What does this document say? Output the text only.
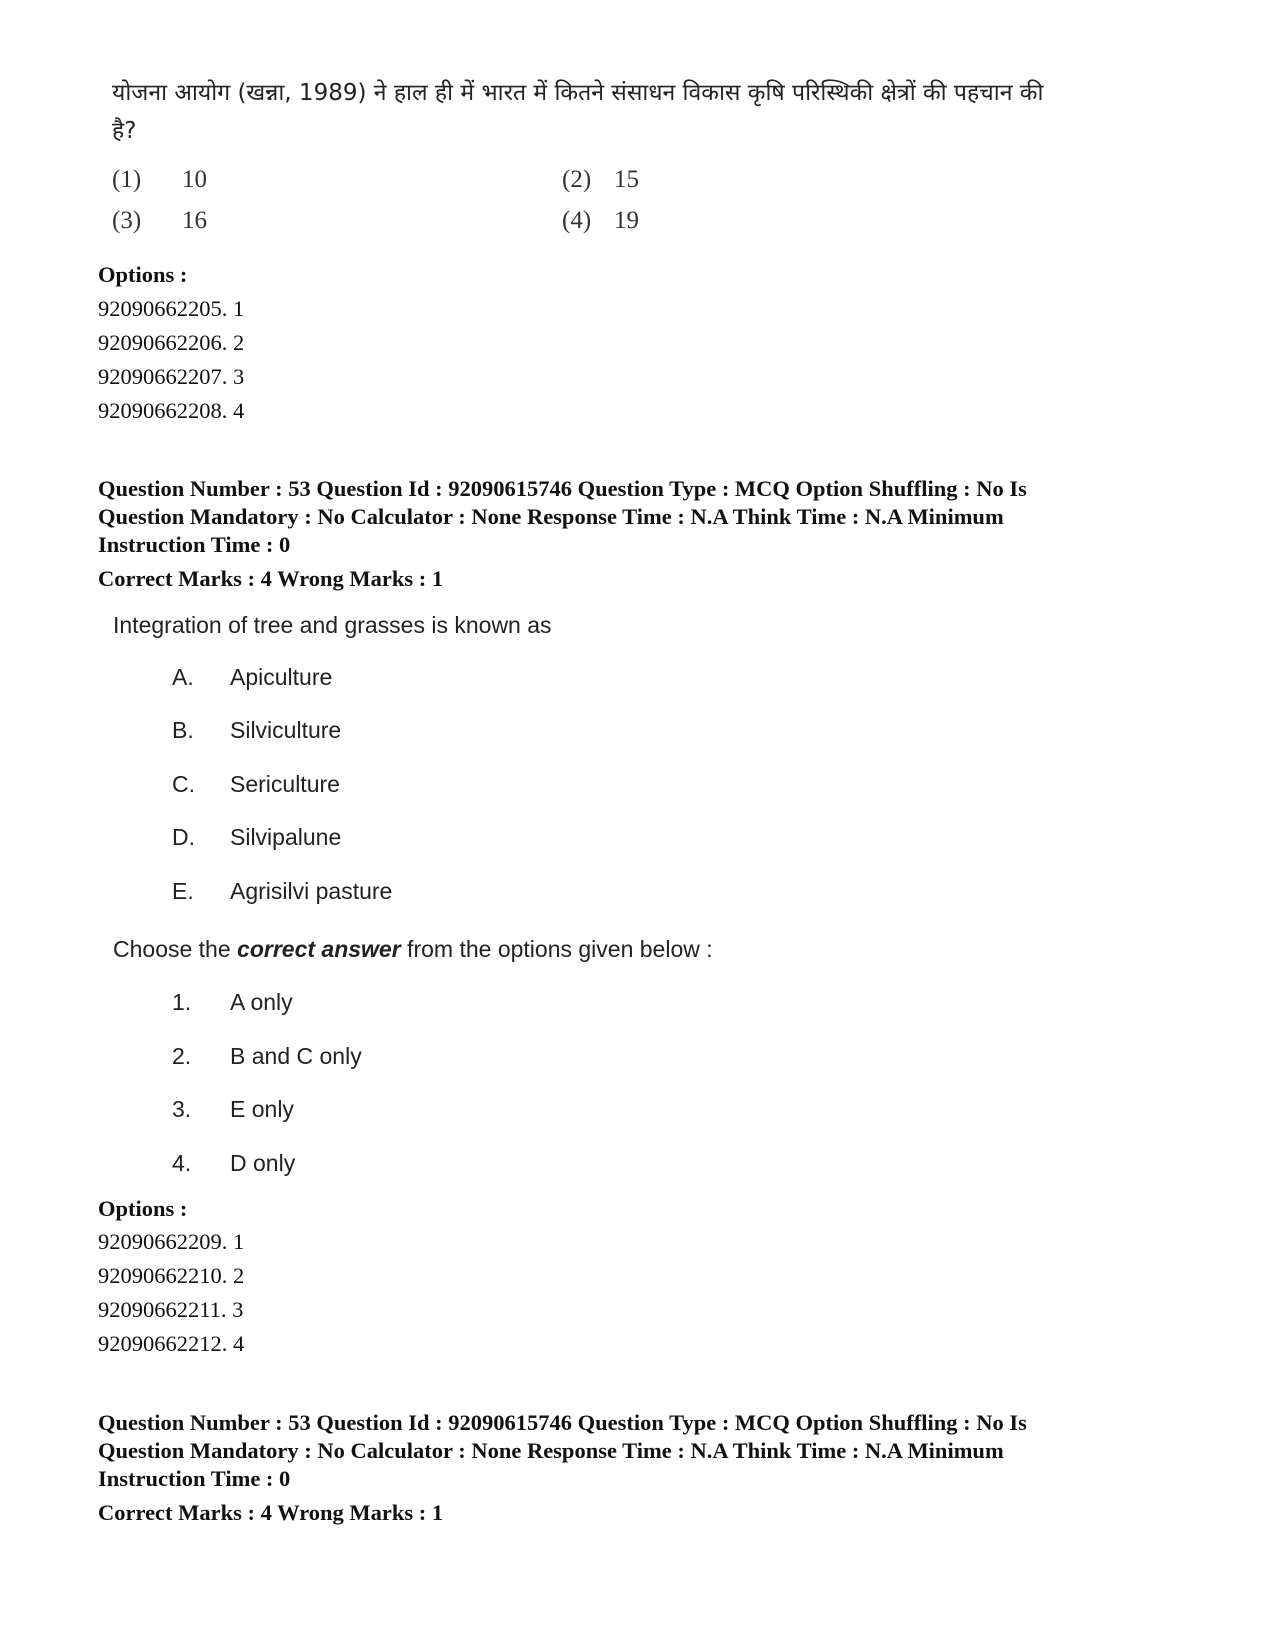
योजना आयोग (खन्ना, 1989) ने हाल ही में भारत में कितने संसाधन विकास कृषि परिस्थिकी क्षेत्रों की पहचान की है?
(1) 10	(2) 15
(3) 16	(4) 19
Options :
92090662205. 1
92090662206. 2
92090662207. 3
92090662208. 4
Question Number : 53 Question Id : 92090615746 Question Type : MCQ Option Shuffling : No Is
Question Mandatory : No Calculator : None Response Time : N.A Think Time : N.A Minimum
Instruction Time : 0
Correct Marks : 4 Wrong Marks : 1
Integration of tree and grasses is known as
A. Apiculture
B. Silviculture
C. Sericulture
D. Silvipalune
E. Agrisilvi pasture
Choose the correct answer from the options given below :
1. A only
2. B and C only
3. E only
4. D only
Options :
92090662209. 1
92090662210. 2
92090662211. 3
92090662212. 4
Question Number : 53 Question Id : 92090615746 Question Type : MCQ Option Shuffling : No Is
Question Mandatory : No Calculator : None Response Time : N.A Think Time : N.A Minimum
Instruction Time : 0
Correct Marks : 4 Wrong Marks : 1
